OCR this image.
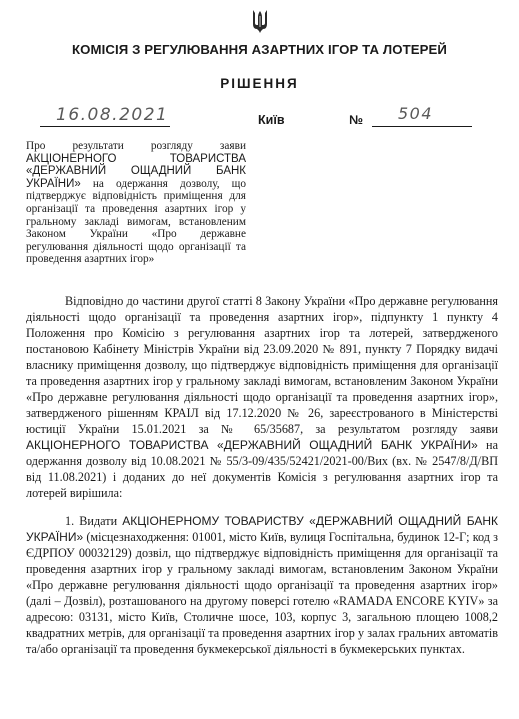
КОМІСІЯ З РЕГУЛЮВАННЯ АЗАРТНИХ ІГОР ТА ЛОТЕРЕЙ
РІШЕННЯ
16.08.2021	Київ	№ 504
Про результати розгляду заяви АКЦІОНЕРНОГО ТОВАРИСТВА «ДЕРЖАВНИЙ ОЩАДНИЙ БАНК УКРАЇНИ» на одержання дозволу, що підтверджує відповідність приміщення для організації та проведення азартних ігор у гральному закладі вимогам, встановленим Законом України «Про державне регулювання діяльності щодо організації та проведення азартних ігор»

Відповідно до частини другої статті 8 Закону України «Про державне регулювання діяльності щодо організації та проведення азартних ігор», підпункту 1 пункту 4 Положення про Комісію з регулювання азартних ігор та лотерей, затвердженого постановою Кабінету Міністрів України від 23.09.2020 № 891, пункту 7 Порядку видачі власнику приміщення дозволу, що підтверджує відповідність приміщення для організації та проведення азартних ігор у гральному закладі вимогам, встановленим Законом України «Про державне регулювання діяльності щодо організації та проведення азартних ігор», затвердженого рішенням КРАІЛ від 17.12.2020 № 26, зареєстрованого в Міністерстві юстиції України 15.01.2021 за № 65/35687, за результатом розгляду заяви АКЦІОНЕРНОГО ТОВАРИСТВА «ДЕРЖАВНИЙ ОЩАДНИЙ БАНК УКРАЇНИ» на одержання дозволу від 10.08.2021 № 55/3-09/435/52421/2021-00/Вих (вх. № 2547/8/Д/ВП від 11.08.2021) і доданих до неї документів Комісія з регулювання азартних ігор та лотерей вирішила:

1. Видати АКЦІОНЕРНОМУ ТОВАРИСТВУ «ДЕРЖАВНИЙ ОЩАДНИЙ БАНК УКРАЇНИ» (місцезнаходження: 01001, місто Київ, вулиця Госпітальна, будинок 12-Г; код з ЄДРПОУ 00032129) дозвіл, що підтверджує відповідність приміщення для організації та проведення азартних ігор у гральному закладі вимогам, встановленим Законом України «Про державне регулювання діяльності щодо організації та проведення азартних ігор» (далі – Дозвіл), розташованого на другому поверсі готелю «RAMADA ENCORE KYIV» за адресою: 03131, місто Київ, Столичне шосе, 103, корпус 3, загальною площею 1008,2 квадратних метрів, для організації та проведення азартних ігор у залах гральних автоматів та/або організації та проведення букмекерської діяльності в букмекерських пунктах.
